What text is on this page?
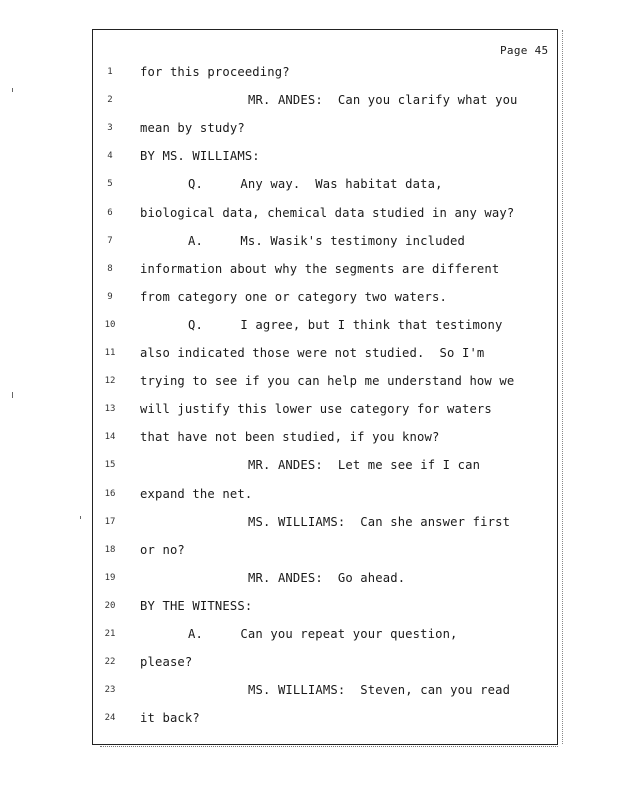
Page 45
1	for this proceeding?
2	MR. ANDES:  Can you clarify what you
3	mean by study?
4	BY MS. WILLIAMS:
5	Q.     Any way.  Was habitat data,
6	biological data, chemical data studied in any way?
7	A.     Ms. Wasik's testimony included
8	information about why the segments are different
9	from category one or category two waters.
10	Q.     I agree, but I think that testimony
11	also indicated those were not studied.  So I'm
12	trying to see if you can help me understand how we
13	will justify this lower use category for waters
14	that have not been studied, if you know?
15	MR. ANDES:  Let me see if I can
16	expand the net.
17	MS. WILLIAMS:  Can she answer first
18	or no?
19	MR. ANDES:  Go ahead.
20	BY THE WITNESS:
21	A.     Can you repeat your question,
22	please?
23	MS. WILLIAMS:  Steven, can you read
24	it back?
